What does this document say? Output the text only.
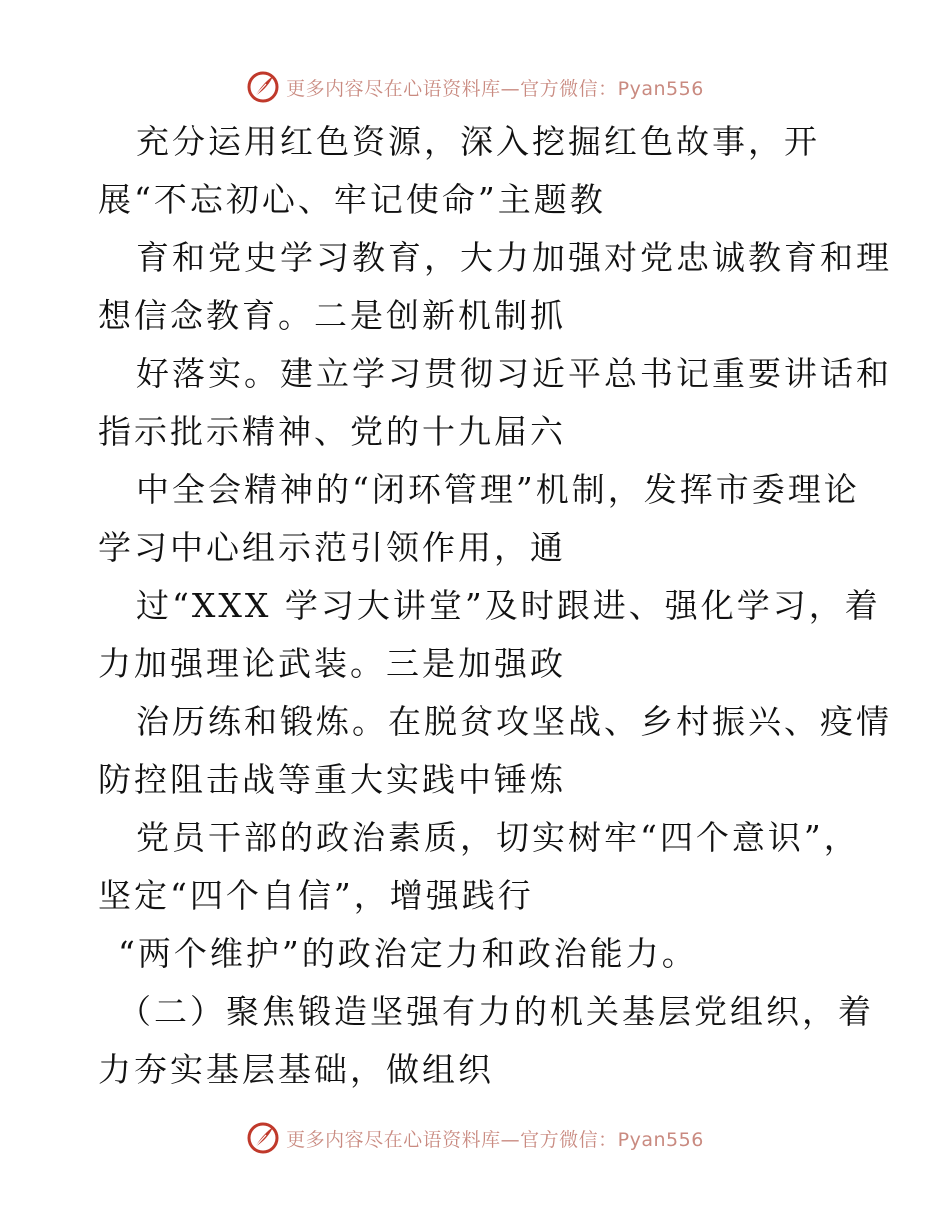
更多内容尽在心语资料库—官方微信：Pyan556
充分运用红色资源，深入挖掘红色故事，开
展“不忘初心、牢记使命”主题教
育和党史学习教育，大力加强对党忠诚教育和理
想信念教育。二是创新机制抓
好落实。建立学习贯彻习近平总书记重要讲话和
指示批示精神、党的十九届六
中全会精神的“闭环管理”机制，发挥市委理论
学习中心组示范引领作用，通
过“XXX 学习大讲堂”及时跟进、强化学习，着
力加强理论武装。三是加强政
治历练和锻炼。在脱贫攻坚战、乡村振兴、疫情
防控阻击战等重大实践中锤炼
党员干部的政治素质，切实树牢“四个意识”，
坚定“四个自信”，增强践行
“两个维护”的政治定力和政治能力。
（二）聚焦锻造坚强有力的机关基层党组织，着
力夯实基层基础，做组织
更多内容尽在心语资料库—官方微信：Pyan556
